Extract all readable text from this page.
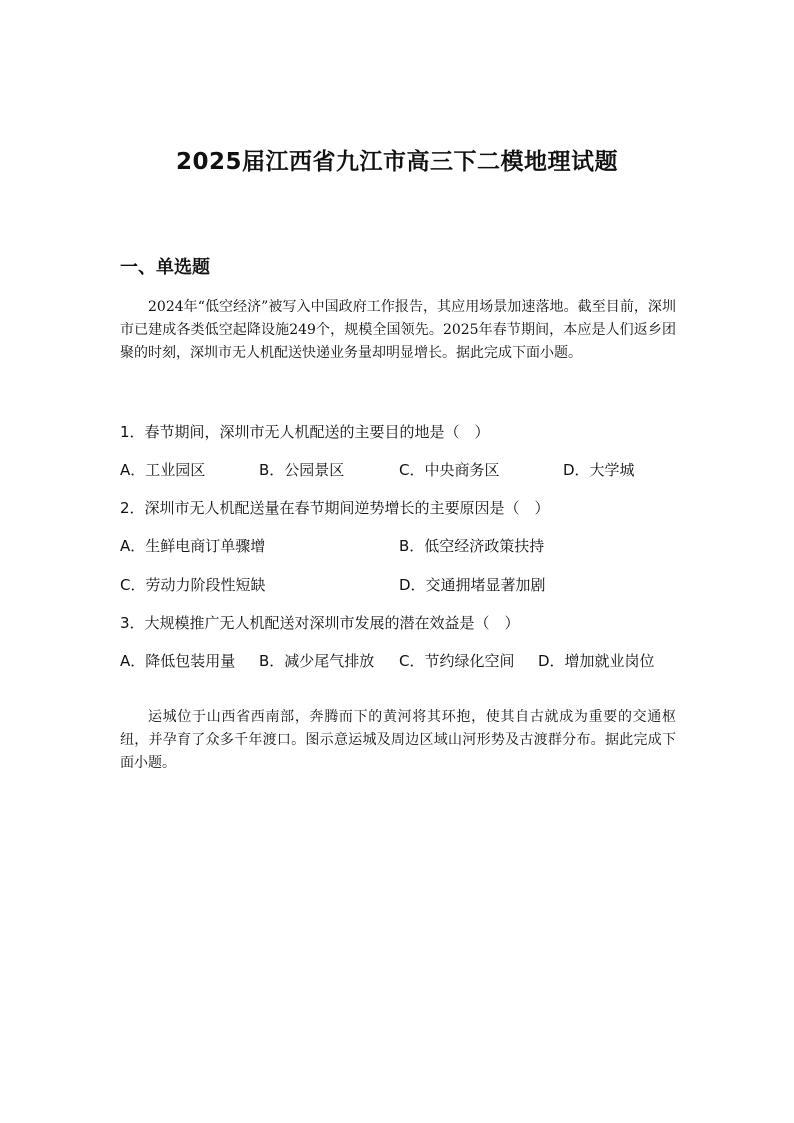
2025届江西省九江市高三下二模地理试题
一、单选题
2024年“低空经济”被写入中国政府工作报告，其应用场景加速落地。截至目前，深圳市已建成各类低空起降设施249个，规模全国领先。2025年春节期间，本应是人们返乡团聚的时刻，深圳市无人机配送快递业务量却明显增长。据此完成下面小题。
1．春节期间，深圳市无人机配送的主要目的地是（　）
A．工业园区	B．公园景区	C．中央商务区	D．大学城
2．深圳市无人机配送量在春节期间逆势增长的主要原因是（　）
A．生鲜电商订单骤增	B．低空经济政策扶持
C．劳动力阶段性短缺	D．交通拥堵显著加剧
3．大规模推广无人机配送对深圳市发展的潜在效益是（　）
A．降低包装用量 B．减少尾气排放 C．节约绿化空间 D．增加就业岗位
运城位于山西省西南部，奔腾而下的黄河将其环抱，使其自古就成为重要的交通枢纽，并孕育了众多千年渡口。图示意运城及周边区域山河形势及古渡群分布。据此完成下面小题。
